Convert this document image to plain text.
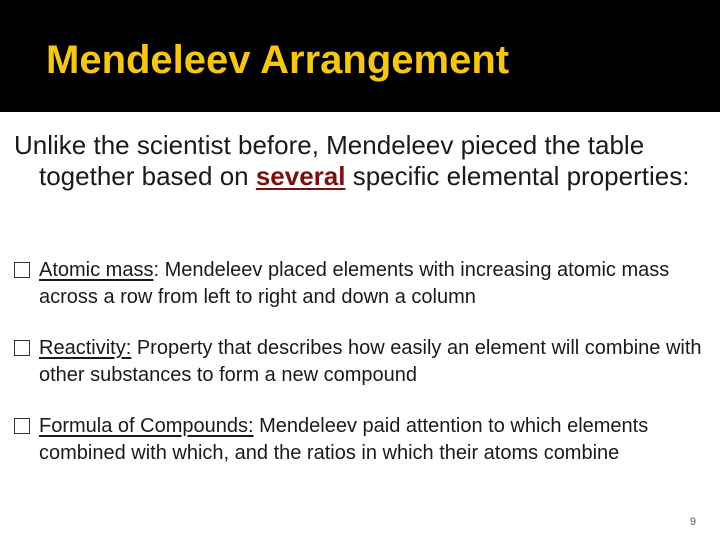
Mendeleev Arrangement
Unlike the scientist before, Mendeleev pieced the table together based on several specific elemental properties:
Atomic mass: Mendeleev placed elements with increasing atomic mass across a row from left to right and down a column
Reactivity: Property that describes how easily an element will combine with other substances to form a new compound
Formula of Compounds: Mendeleev paid attention to which elements combined with which, and the ratios in which their atoms combine
9
